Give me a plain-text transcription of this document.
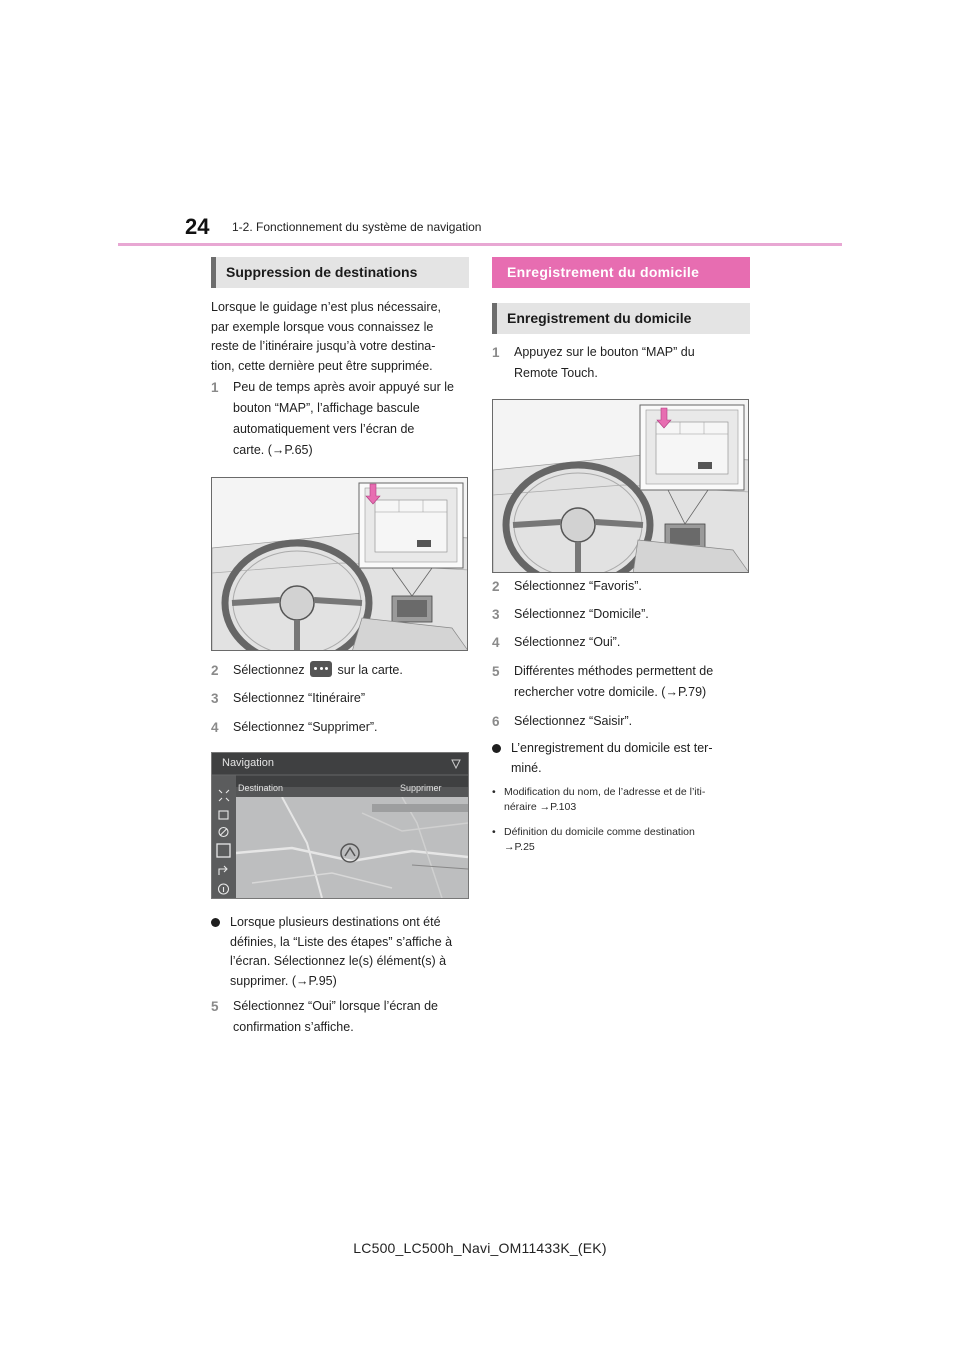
24 1-2. Fonctionnement du système de navigation
Suppression de destinations
Lorsque le guidage n’est plus nécessaire,
par exemple lorsque vous connaissez le
reste de l’itinéraire jusqu’à votre destina-
tion, cette dernière peut être supprimée.
1 Peu de temps après avoir appuyé sur le
bouton “MAP”, l’affichage bascule
automatiquement vers l’écran de
carte. (→P.65)
2	Sélectionnez	sur la carte.
3	Sélectionnez “Itinéraire”
4	Sélectionnez “Supprimer”.
Navigation
Destination	Supprimer
Lorsque plusieurs destinations ont été
définies, la “Liste des étapes” s’affiche à
l’écran. Sélectionnez le(s) élément(s) à
supprimer. (→P.95)
5 Sélectionnez “Oui” lorsque l’écran de
confirmation s’affiche.
Enregistrement du domicile
Enregistrement du domicile
1 Appuyez sur le bouton “MAP” du
Remote Touch.
2	Sélectionnez “Favoris”.
3	Sélectionnez “Domicile”.
4	Sélectionnez “Oui”.
5 Différentes méthodes permettent de
rechercher votre domicile. (→P.79)
6	Sélectionnez “Saisir”.
L’enregistrement du domicile est ter-
miné.
• Modification du nom, de l’adresse et de l’iti-
néraire →P.103
• Définition du domicile comme destination
→P.25
LC500_LC500h_Navi_OM11433K_(EK)
